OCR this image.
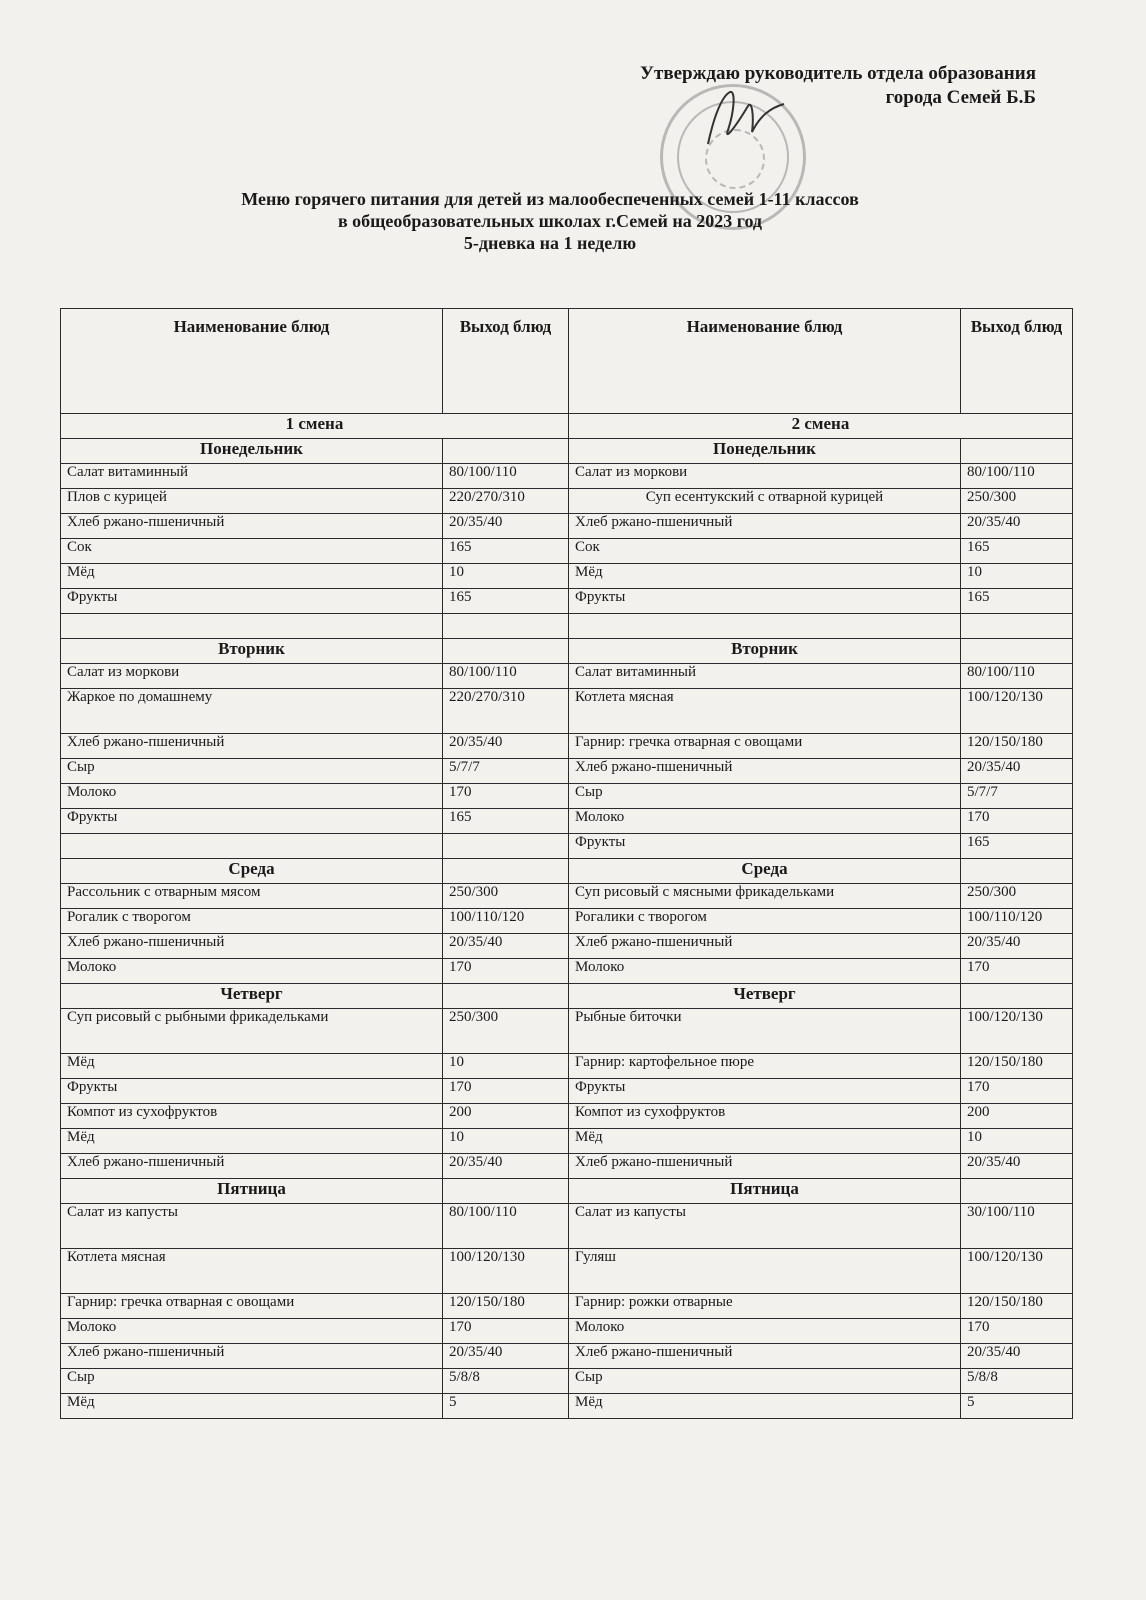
Утверждаю руководитель отдела образования
города Семей Б.Б
Меню горячего питания для детей из малообеспеченных семей 1-11 классов
в общеобразовательных школах г.Семей на 2023 год
5-дневка на 1 неделю
Наименование блюд	Выход блюд	Наименование блюд	Выход блюд
1 смена		2 смена	
Понедельник		Понедельник	
Салат витаминный	80/100/110	Салат из моркови	80/100/110
Плов с курицей	220/270/310	Суп есентукский с отварной курицей	250/300
Хлеб ржано-пшеничный	20/35/40	Хлеб ржано-пшеничный	20/35/40
Сок	165	Сок	165
Мёд	10	Мёд	10
Фрукты	165	Фрукты	165

Вторник		Вторник	
Салат из моркови	80/100/110	Салат витаминный	80/100/110
Жаркое по домашнему	220/270/310	Котлета мясная	100/120/130
Хлеб ржано-пшеничный	20/35/40	Гарнир: гречка отварная с овощами	120/150/180
Сыр	5/7/7	Хлеб ржано-пшеничный	20/35/40
Молоко	170	Сыр	5/7/7
Фрукты	165	Молоко	170
		Фрукты	165
Среда		Среда	
Рассольник с отварным мясом	250/300	Суп рисовый с мясными фрикадельками	250/300
Рогалик с творогом	100/110/120	Рогалики с творогом	100/110/120
Хлеб ржано-пшеничный	20/35/40	Хлеб ржано-пшеничный	20/35/40
Молоко	170	Молоко	170
Четверг		Четверг	
Суп рисовый с рыбными фрикадельками	250/300	Рыбные биточки	100/120/130
Мёд	10	Гарнир: картофельное пюре	120/150/180
Фрукты	170	Фрукты	170
Компот из сухофруктов	200	Компот из сухофруктов	200
Мёд	10	Мёд	10
Хлеб ржано-пшеничный	20/35/40	Хлеб ржано-пшеничный	20/35/40
Пятница		Пятница	
Салат из капусты	80/100/110	Салат из капусты	30/100/110
Котлета мясная	100/120/130	Гуляш	100/120/130
Гарнир: гречка отварная с овощами	120/150/180	Гарнир: рожки отварные	120/150/180
Молоко	170	Молоко	170
Хлеб ржано-пшеничный	20/35/40	Хлеб ржано-пшеничный	20/35/40
Сыр	5/8/8	Сыр	5/8/8
Мёд	5	Мёд	5
